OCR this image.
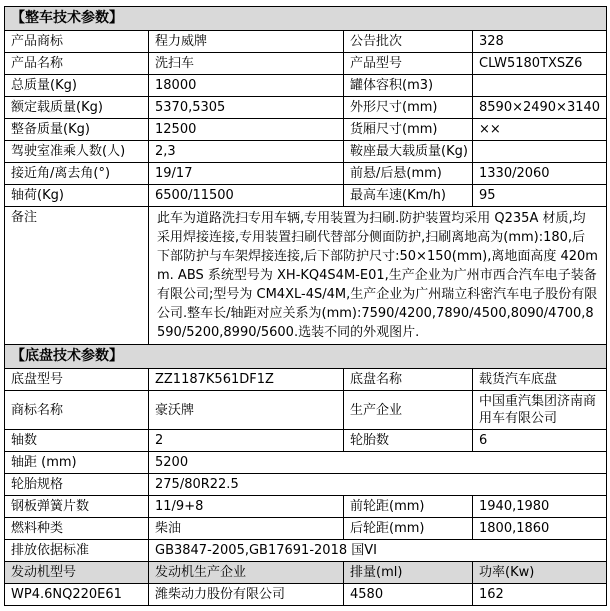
【整车技术参数】			
产品商标	程力威牌	公告批次	328
产品名称	洗扫车	产品型号	CLW5180TXSZ6
总质量(Kg)	18000	罐体容积(m3)	
额定载质量(Kg)	5370,5305	外形尺寸(mm)	8590×2490×3140
整备质量(Kg)	12500	货厢尺寸(mm)	××
驾驶室准乘人数(人)	2,3	鞍座最大载质量(Kg)	
接近角/离去角(°)	19/17	前悬/后悬(mm)	1330/2060
轴荷(Kg)	6500/11500	最高车速(Km/h)	95
备注	此车为道路洗扫专用车辆,专用装置为扫刷.防护装置均采用 Q235A 材质,均采用焊接连接,专用装置扫刷代替部分侧面防护,扫刷离地高为(mm):180,后下部防护与车架焊接连接,后下部防护尺寸:50×150(mm),离地面高度 420mm. ABS 系统型号为 XH-KQ4S4M-E01,生产企业为广州市西合汽车电子装备有限公司;型号为 CM4XL-4S/4M,生产企业为广州瑞立科密汽车电子股份有限公司.整车长/轴距对应关系为(mm):7590/4200,7890/4500,8090/4700,8590/5200,8990/5600.选装不同的外观图片.		
【底盘技术参数】			
底盘型号	ZZ1187K561DF1Z	底盘名称	载货汽车底盘
商标名称	豪沃牌	生产企业	中国重汽集团济南商用车有限公司
轴数	2	轮胎数	6
轴距 (mm)	5200		
轮胎规格	275/80R22.5		
钢板弹簧片数	11/9+8	前轮距(mm)	1940,1980
燃料种类	柴油	后轮距(mm)	1800,1860
排放依据标准	GB3847-2005,GB17691-2018 国VI		
发动机型号	发动机生产企业	排量(ml)	功率(Kw)
WP4.6NQ220E61	潍柴动力股份有限公司	4580	162
